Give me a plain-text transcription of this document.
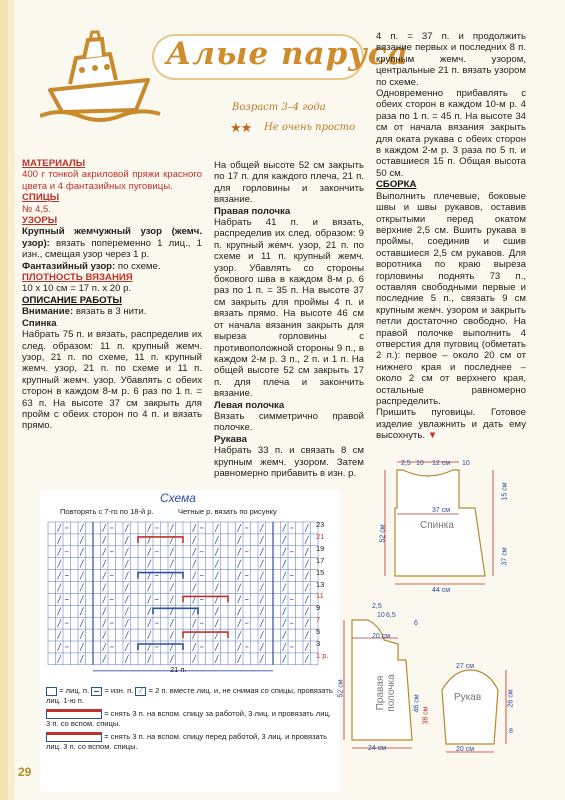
Алые паруса
Возраст 3–4 года
★★ Не очень просто

МАТЕРИАЛЫ

400 г тонкой акриловой пряжи красного цвета и 4 фантазийных пуговицы.

СПИЦЫ

№ 4,5.

УЗОРЫ

Крупный жемчужный узор (жемч. узор): вязать попеременно 1 лиц., 1 изн., смещая узор через 1 р.

Фантазийный узор: по схеме.

ПЛОТНОСТЬ ВЯЗАНИЯ

10 х 10 см = 17 п. х 20 р.

ОПИСАНИЕ РАБОТЫ

Внимание: вязать в 3 нити.

Спинка

Набрать 75 п. и вязать, распределив их след. образом: 11 п. крупный жемч. узор, 21 п. по схеме, 11 п. крупный жемч. узор, 21 п. по схеме и 11 п. крупный жемч. узор. Убавлять с обеих сторон в каждом 8-м р. 6 раз по 1 п. = 63 п. На высоте 37 см закрыть для пройм с обеих сторон по 4 п. и вязать прямо.

На общей высоте 52 см закрыть по 17 п. для каждого плеча, 21 п. для горловины и закончить вязание.

Правая полочка

Набрать 41 п. и вязать, распределив их след. образом: 9 п. крупный жемч. узор, 21 п. по схеме и 11 п. крупный жемч. узор. Убавлять со стороны бокового шва в каждом 8-м р. 6 раз по 1 п. = 35 п. На высоте 37 см закрыть для проймы 4 п. и вязать прямо. На высоте 46 см от начала вязания закрыть для выреза горловины с противоположной стороны 9 п., в каждом 2-м р. 3 п., 2 п. и 1 п. На общей высоте 52 см закрыть 17 п. для плеча и закончить вязание.

Левая полочка

Вязать симметрично правой полочке.

Рукава

Набрать 33 п. и связать 8 см крупным жемч. узором. Затем равномерно прибавить в изн. р.

4 п. = 37 п. и продолжить вязание первых и последних 8 п. крупным жемч. узором, центральные 21 п. вязать узором по схеме.

Одновременно прибавлять с обеих сторон в каждом 10-м р. 4 раза по 1 п. = 45 п. На высоте 34 см от начала вязания закрыть для оката рукава с обеих сторон в каждом 2-м р. 3 раза по 5 п. и оставшиеся 15 п. Общая высота 50 см.

СБОРКА

Выполнить плечевые, боковые швы и швы рукавов, оставив открытыми перед окатом верхние 2,5 см. Вшить рукава в проймы, соединив и сшив оставшиеся 2,5 см рукавов. Для воротника по краю выреза горловины поднять 73 п., оставляя свободными первые и последние 5 п., связать 9 см крупным жемч. узором и закрыть петли достаточно свободно. На правой полочке выполнить 4 отверстия для пуговиц (обметать 2 п.): первое – около 20 см от нижнего края и последнее – около 2 см от верхнего края, остальные равномерно распределить.

Пришить пуговицы. Готовое изделие увлажнить и дать ему высохнуть. ▼

Схема
Повторять с 7-го по 18-й р.	Четные р. вязать по рисунку
23
21
19
17
15
13
11
9
7
5
3
1 р.
21 п.
= лиц. п. = изн. п. ⁄ = 2 п. вместе лиц. и, не снимая со спицы, провязать лиц. 1-ю п.
= снять 3 п. на вспом. спицу за работой, 3 лиц. и провязать лиц. 3 п. со вспом. спицы.
= снять 3 п. на вспом. спицу перед работой, 3 лиц. и провязать лиц. 3 п. со вспом. спицы.
Спинка
2,5 10 12 см 10
37 см
44 см
52 см
15 см
37 см
Правая полочка
2,5
10 6,5
20 см
24 см
52 см
46 см
6
38 см
Рукав
27 см
20 см
26 см
8
29
